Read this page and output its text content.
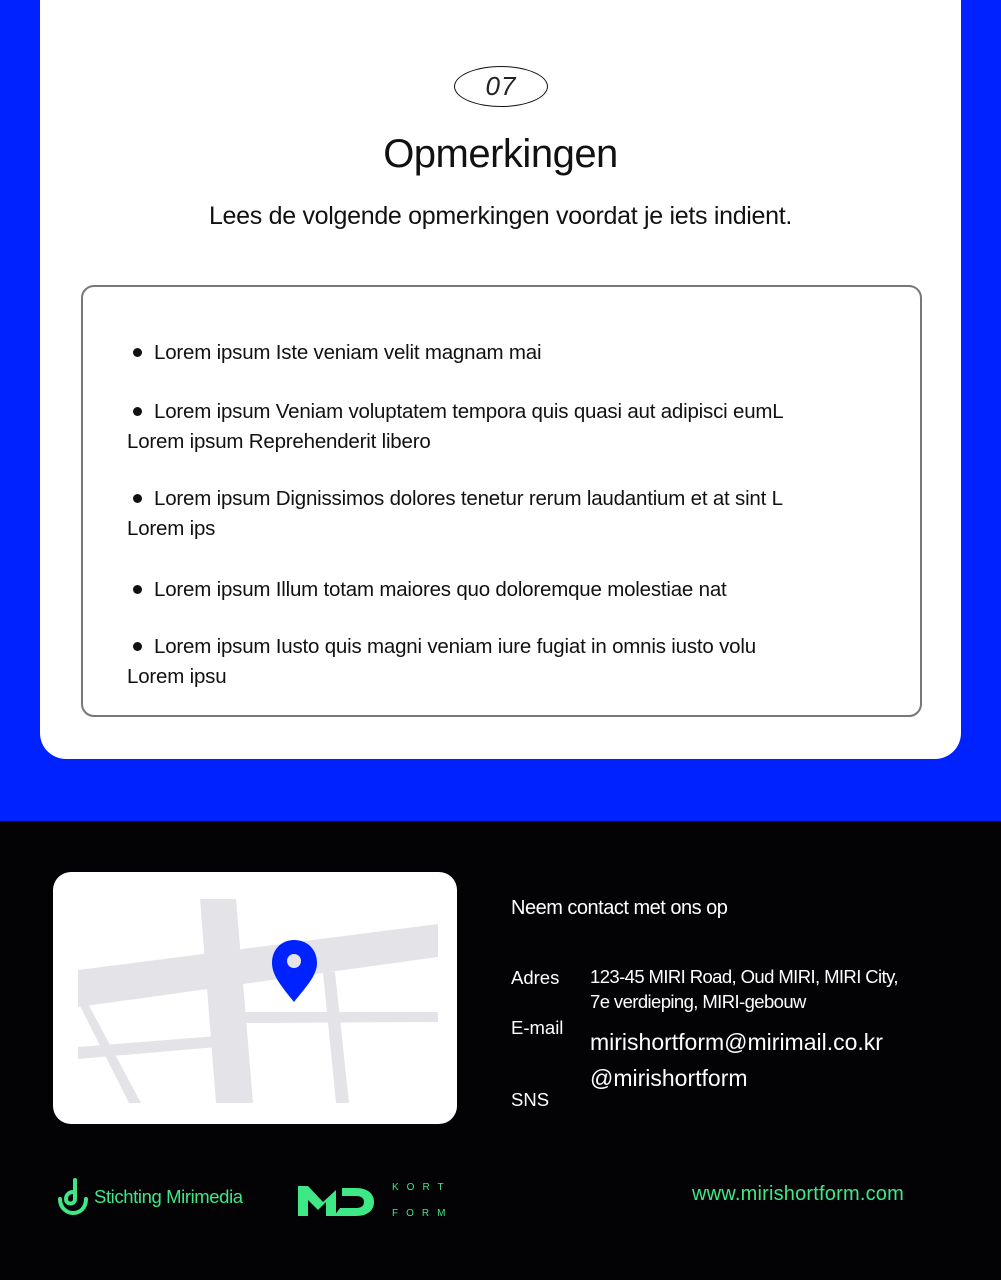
07
Opmerkingen
Lees de volgende opmerkingen voordat je iets indient.
Lorem ipsum Iste veniam velit magnam mai
Lorem ipsum Veniam voluptatem tempora quis quasi aut adipisci eumL
Lorem ipsum Reprehenderit libero
Lorem ipsum Dignissimos dolores tenetur rerum laudantium et at sint L
Lorem ips
Lorem ipsum Illum totam maiores quo doloremque molestiae nat
Lorem ipsum Iusto quis magni veniam iure fugiat in omnis iusto volu
Lorem ipsu
Neem contact met ons op
Adres 123-45 MIRI Road, Oud MIRI, MIRI City,
7e verdieping, MIRI-gebouw
E-mail
mirishortform@mirimail.co.kr
SNS
@mirishortform
Stichting Mirimedia	KORT
FORM
www.mirishortform.com
